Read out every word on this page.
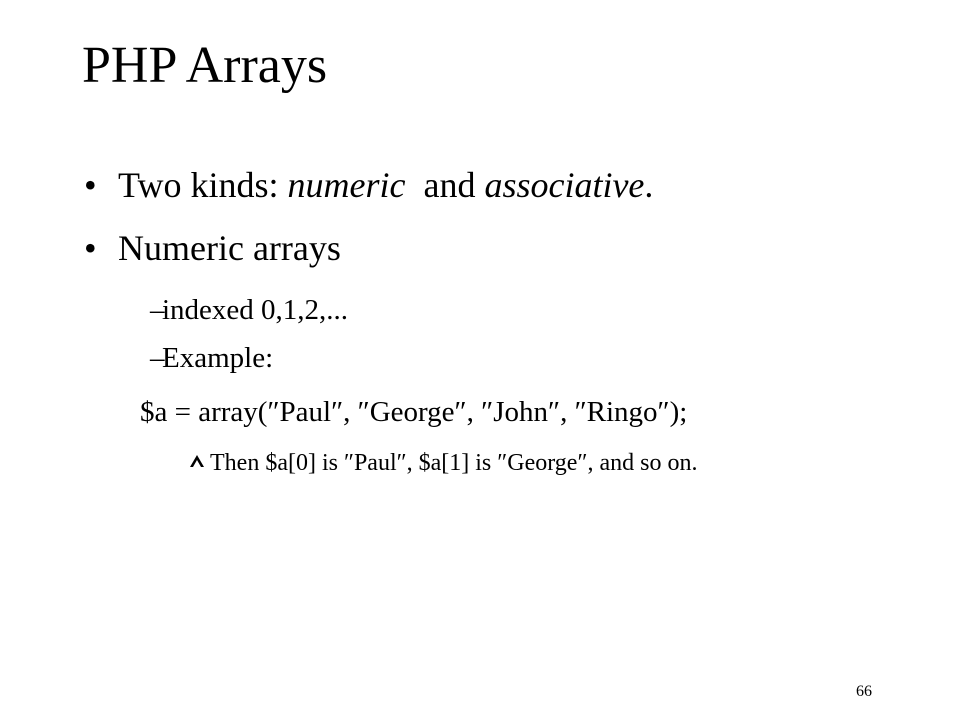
PHP Arrays
• Two kinds: numeric and associative.
• Numeric arrays
–
indexed 0,1,2,...
–
Example:
$a = array(″Paul″, ″George″, ″John″, ″Ringo″);
Then $a[0] is ″Paul″, $a[1] is ″George″, and so on.
66
